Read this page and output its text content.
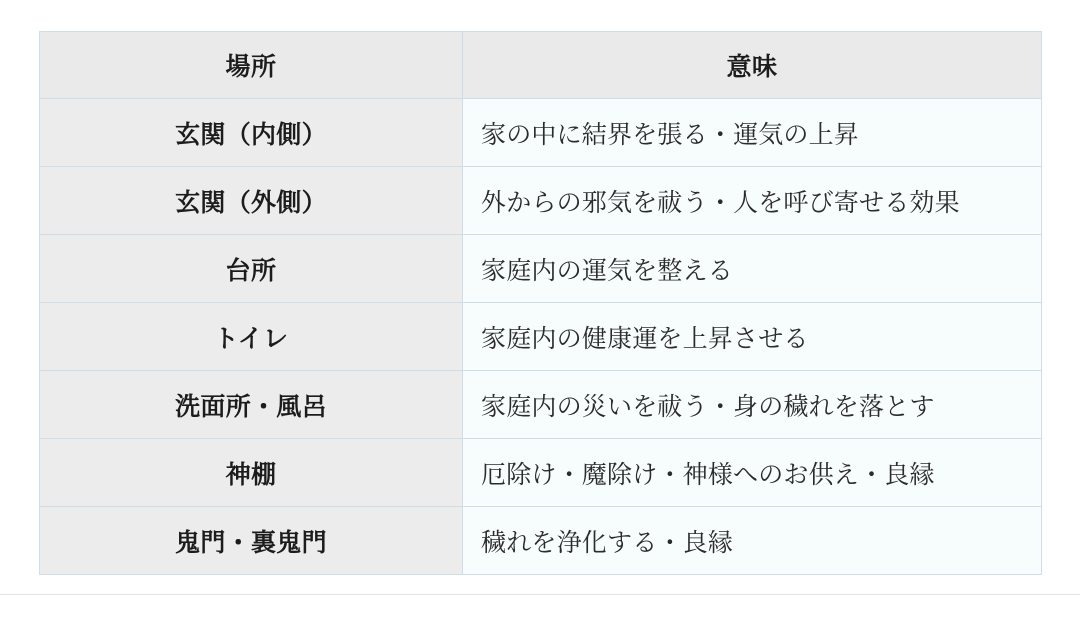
場所	意味
玄関（内側）	家の中に結界を張る・運気の上昇
玄関（外側）	外からの邪気を祓う・人を呼び寄せる効果
台所	家庭内の運気を整える
トイレ	家庭内の健康運を上昇させる
洗面所・風呂	家庭内の災いを祓う・身の穢れを落とす
神棚	厄除け・魔除け・神様へのお供え・良縁
鬼門・裏鬼門	穢れを浄化する・良縁
